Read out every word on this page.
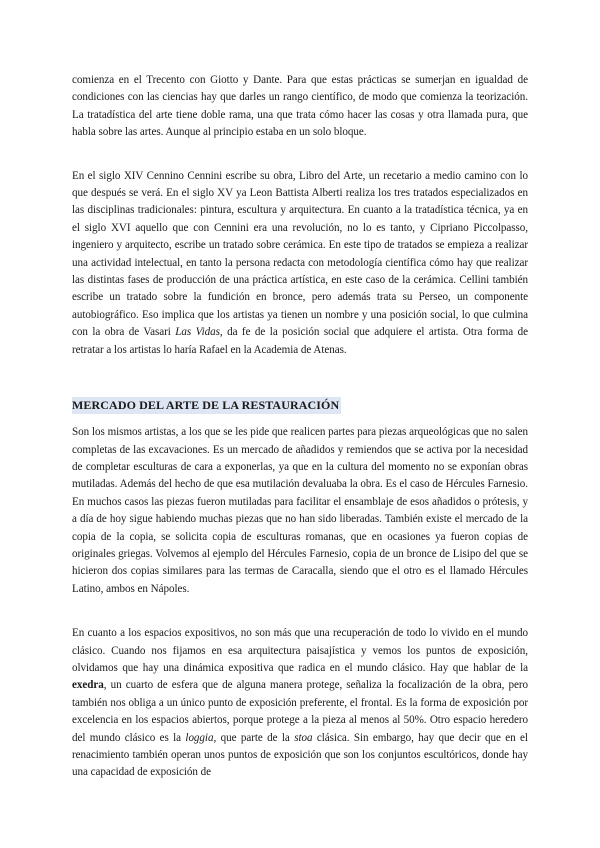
comienza en el Trecento con Giotto y Dante. Para que estas prácticas se sumerjan en igualdad de condiciones con las ciencias hay que darles un rango científico, de modo que comienza la teorización. La tratadística del arte tiene doble rama, una que trata cómo hacer las cosas y otra llamada pura, que habla sobre las artes. Aunque al principio estaba en un solo bloque.

En el siglo XIV Cennino Cennini escribe su obra, Libro del Arte, un recetario a medio camino con lo que después se verá. En el siglo XV ya Leon Battista Alberti realiza los tres tratados especializados en las disciplinas tradicionales: pintura, escultura y arquitectura. En cuanto a la tratadística técnica, ya en el siglo XVI aquello que con Cennini era una revolución, no lo es tanto, y Cipriano Piccolpasso, ingeniero y arquitecto, escribe un tratado sobre cerámica. En este tipo de tratados se empieza a realizar una actividad intelectual, en tanto la persona redacta con metodología científica cómo hay que realizar las distintas fases de producción de una práctica artística, en este caso de la cerámica. Cellini también escribe un tratado sobre la fundición en bronce, pero además trata su Perseo, un componente autobiográfico. Eso implica que los artistas ya tienen un nombre y una posición social, lo que culmina con la obra de Vasari Las Vidas, da fe de la posición social que adquiere el artista. Otra forma de retratar a los artistas lo haría Rafael en la Academia de Atenas.

MERCADO DEL ARTE DE LA RESTAURACIÓN

Son los mismos artistas, a los que se les pide que realicen partes para piezas arqueológicas que no salen completas de las excavaciones. Es un mercado de añadidos y remiendos que se activa por la necesidad de completar esculturas de cara a exponerlas, ya que en la cultura del momento no se exponían obras mutiladas. Además del hecho de que esa mutilación devaluaba la obra. Es el caso de Hércules Farnesio. En muchos casos las piezas fueron mutiladas para facilitar el ensamblaje de esos añadidos o prótesis, y a día de hoy sigue habiendo muchas piezas que no han sido liberadas. También existe el mercado de la copia de la copia, se solicita copia de esculturas romanas, que en ocasiones ya fueron copias de originales griegas. Volvemos al ejemplo del Hércules Farnesio, copia de un bronce de Lisipo del que se hicieron dos copias similares para las termas de Caracalla, siendo que el otro es el llamado Hércules Latino, ambos en Nápoles.

En cuanto a los espacios expositivos, no son más que una recuperación de todo lo vivido en el mundo clásico. Cuando nos fijamos en esa arquitectura paisajística y vemos los puntos de exposición, olvidamos que hay una dinámica expositiva que radica en el mundo clásico. Hay que hablar de la exedra, un cuarto de esfera que de alguna manera protege, señaliza la focalización de la obra, pero también nos obliga a un único punto de exposición preferente, el frontal. Es la forma de exposición por excelencia en los espacios abiertos, porque protege a la pieza al menos al 50%. Otro espacio heredero del mundo clásico es la loggia, que parte de la stoa clásica. Sin embargo, hay que decir que en el renacimiento también operan unos puntos de exposición que son los conjuntos escultóricos, donde hay una capacidad de exposición de
